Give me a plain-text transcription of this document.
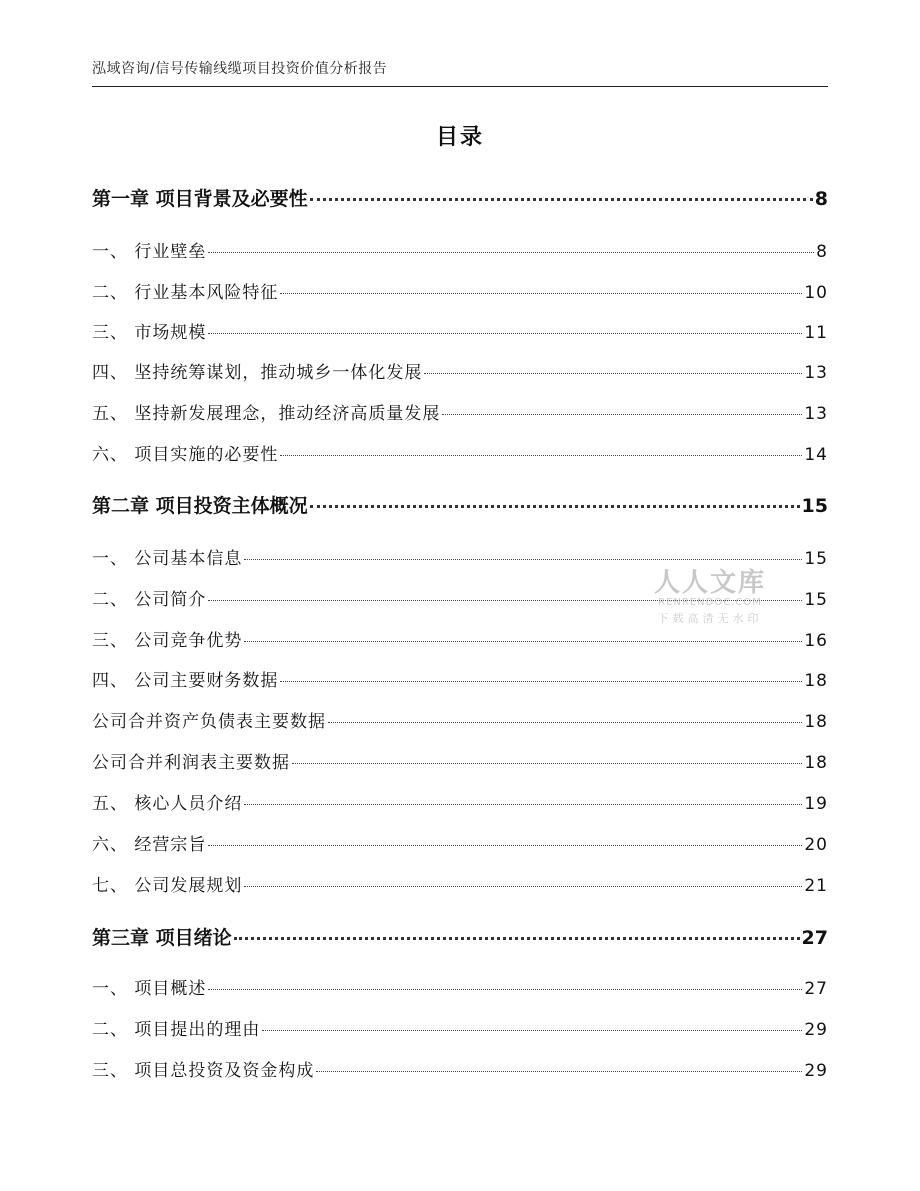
泓域咨询/信号传输线缆项目投资价值分析报告
目录
第一章 项目背景及必要性	8
一、 行业壁垒	8
二、 行业基本风险特征	10
三、 市场规模	11
四、 坚持统筹谋划，推动城乡一体化发展	13
五、 坚持新发展理念，推动经济高质量发展	13
六、 项目实施的必要性	14
第二章 项目投资主体概况	15
一、 公司基本信息	15
二、 公司简介	15
三、 公司竞争优势	16
四、 公司主要财务数据	18
公司合并资产负债表主要数据	18
公司合并利润表主要数据	18
五、 核心人员介绍	19
六、 经营宗旨	20
七、 公司发展规划	21
第三章 项目绪论	27
一、 项目概述	27
二、 项目提出的理由	29
三、 项目总投资及资金构成	29
人人文库
RENRENDOC.COM
下载高清无水印
